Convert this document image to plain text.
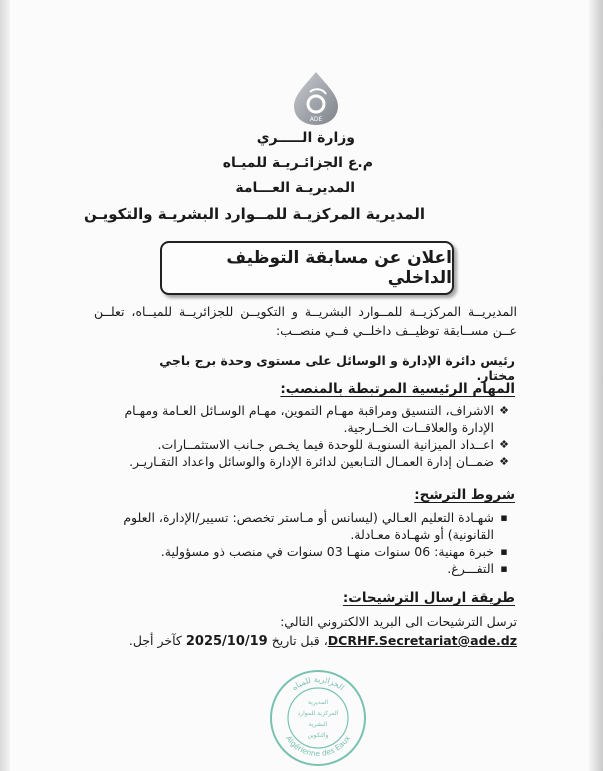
ADE
وزارة الـــــري
م.ع الجزائـريـة للميـاه
المديريـة العـــامة
المديرية المركزيـة للمــوارد البشريـة والتكويـن
اعلان عن مسابقة التوظيف الداخلي
المديريــة المركزيــة للمــوارد البشريــة و التكويــن للجزائريــة للميــاه، تعلــن عــن مســابقة توظيــف داخلــي فــي منصــب:
رئيس دائرة الإدارة و الوسائل على مستوى وحدة برج باجي مختار.
المهام الرئيسية المرتبطة بالمنصب:
❖
الاشراف، التنسيق ومراقبة مهـام التموين، مهـام الوسـائل العـامة ومهـام الإدارة والعلاقــات الخــارجية.
❖
اعــداد الميزانية السنويـة للوحدة فيما يخـص جـانب الاستثمــارات.
❖
ضمــان إدارة العمـال التـابعين لدائرة الإدارة والوسائل واعداد التقـاريـر.
شروط الترشح:
▪
شهـادة التعليم العـالي (ليسانس أو مـاستر تخصص: تسيير/الإدارة، العلوم القانونية) أو شهـادة معـادلة.
▪
خبرة مهنية: 06 سنوات منهـا 03 سنوات في منصب ذو مسؤولية.
▪
التفـــرغ.
طريقة ارسال الترشيحات:
ترسل الترشيحات الى البريد الالكتروني التالي: DCRHF.Secretariat@ade.dz، قبل تاريخ 2025/10/19 كآخر أجل.
الجزائرية للمياه
Algérienne des Eaux
المديرية
المركزية للموارد
البشرية
والتكوين
